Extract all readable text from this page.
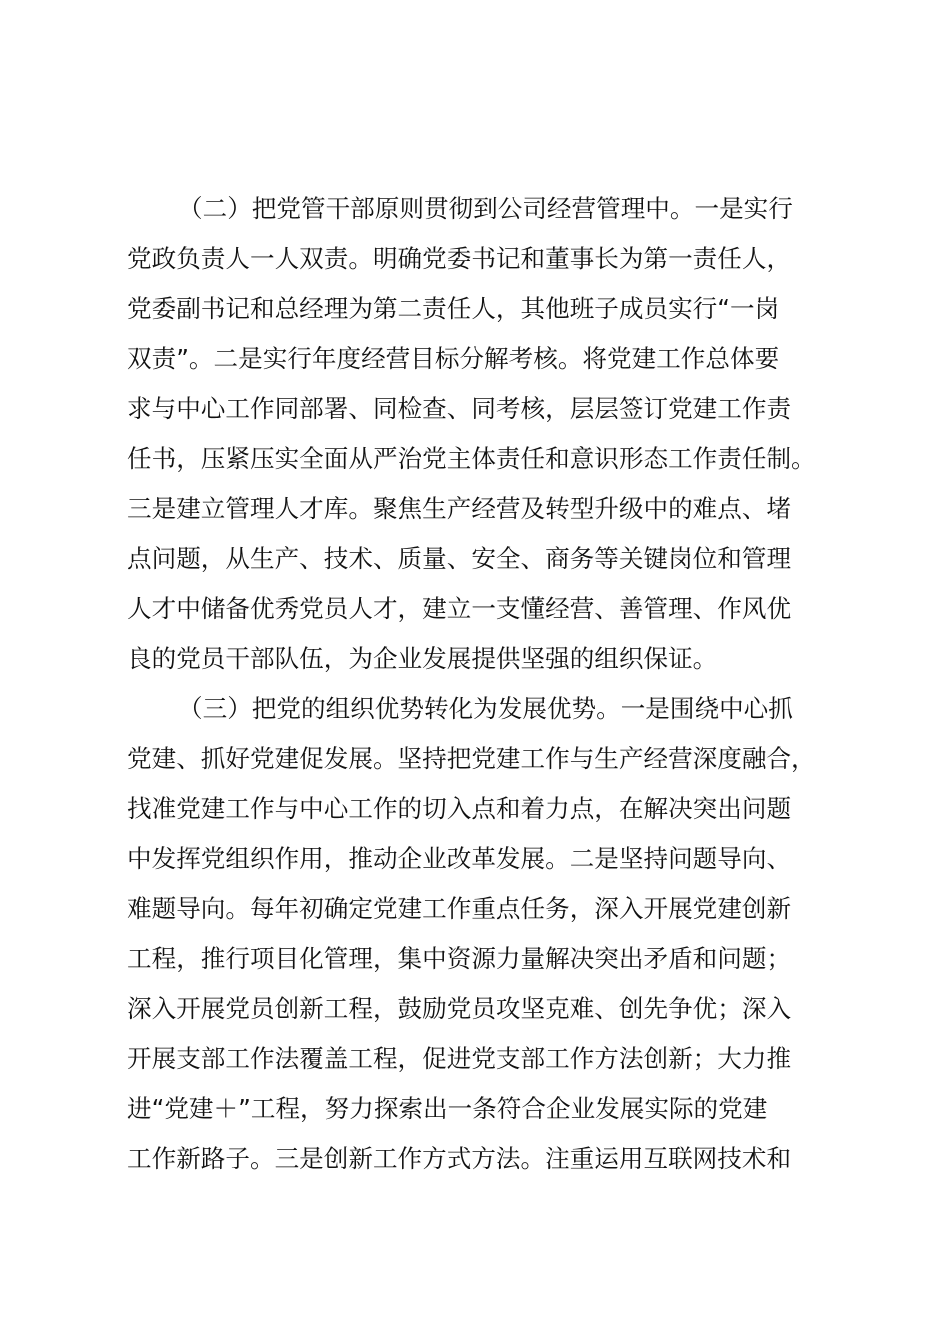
（二）把党管干部原则贯彻到公司经营管理中。一是实行
党政负责人一人双责。明确党委书记和董事长为第一责任人，
党委副书记和总经理为第二责任人，其他班子成员实行“一岗
双责”。二是实行年度经营目标分解考核。将党建工作总体要
求与中心工作同部署、同检查、同考核，层层签订党建工作责
任书，压紧压实全面从严治党主体责任和意识形态工作责任制。
三是建立管理人才库。聚焦生产经营及转型升级中的难点、堵
点问题，从生产、技术、质量、安全、商务等关键岗位和管理
人才中储备优秀党员人才，建立一支懂经营、善管理、作风优
良的党员干部队伍，为企业发展提供坚强的组织保证。
（三）把党的组织优势转化为发展优势。一是围绕中心抓
党建、抓好党建促发展。坚持把党建工作与生产经营深度融合，
找准党建工作与中心工作的切入点和着力点，在解决突出问题
中发挥党组织作用，推动企业改革发展。二是坚持问题导向、
难题导向。每年初确定党建工作重点任务，深入开展党建创新
工程，推行项目化管理，集中资源力量解决突出矛盾和问题；
深入开展党员创新工程，鼓励党员攻坚克难、创先争优；深入
开展支部工作法覆盖工程，促进党支部工作方法创新；大力推
进“党建＋”工程，努力探索出一条符合企业发展实际的党建
工作新路子。三是创新工作方式方法。注重运用互联网技术和
